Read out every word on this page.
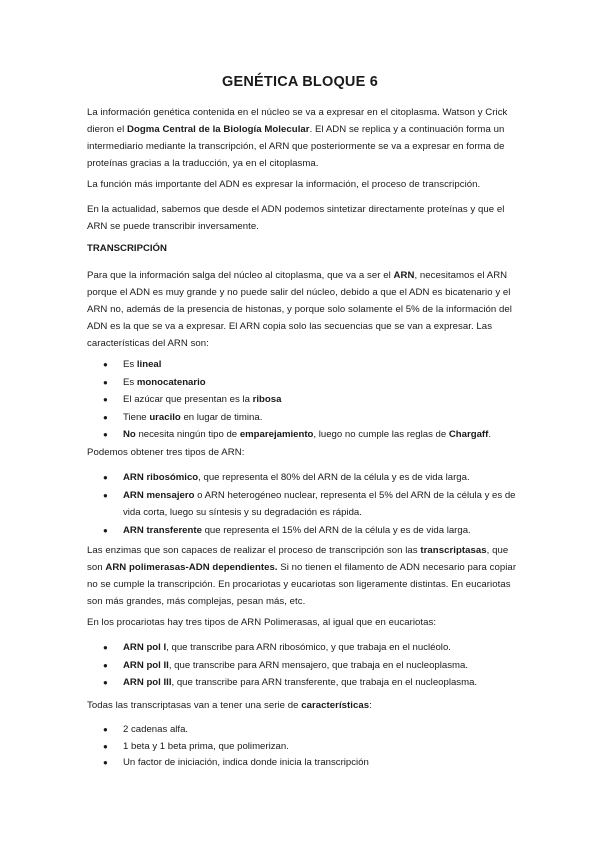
GENÉTICA BLOQUE 6
La información genética contenida en el núcleo se va a expresar en el citoplasma. Watson y Crick dieron el Dogma Central de la Biología Molecular. El ADN se replica y a continuación forma un intermediario mediante la transcripción, el ARN que posteriormente se va a expresar en forma de proteínas gracias a la traducción, ya en el citoplasma.
La función más importante del ADN es expresar la información, el proceso de transcripción.
En la actualidad, sabemos que desde el ADN podemos sintetizar directamente proteínas y que el ARN se puede transcribir inversamente.
TRANSCRIPCIÓN
Para que la información salga del núcleo al citoplasma, que va a ser el ARN, necesitamos el ARN porque el ADN es muy grande y no puede salir del núcleo, debido a que el ADN es bicatenario y el ARN no, además de la presencia de histonas, y porque solo solamente el 5% de la información del ADN es la que se va a expresar. El ARN copia solo las secuencias que se van a expresar. Las características del ARN son:
● Es lineal
● Es monocatenario
● El azúcar que presentan es la ribosa
● Tiene uracilo en lugar de timina.
● No necesita ningún tipo de emparejamiento, luego no cumple las reglas de Chargaff.
Podemos obtener tres tipos de ARN:
● ARN ribosómico, que representa el 80% del ARN de la célula y es de vida larga.
● ARN mensajero o ARN heterogéneo nuclear, representa el 5% del ARN de la célula y es de vida corta, luego su síntesis y su degradación es rápida.
● ARN transferente que representa el 15% del ARN de la célula y es de vida larga.
Las enzimas que son capaces de realizar el proceso de transcripción son las transcriptasas, que son ARN polimerasas-ADN dependientes. Si no tienen el filamento de ADN necesario para copiar no se cumple la transcripción. En procariotas y eucariotas son ligeramente distintas. En eucariotas son más grandes, más complejas, pesan más, etc.
En los procariotas hay tres tipos de ARN Polimerasas, al igual que en eucariotas:
● ARN pol I, que transcribe para ARN ribosómico, y que trabaja en el nucléolo.
● ARN pol II, que transcribe para ARN mensajero, que trabaja en el nucleoplasma.
● ARN pol III, que transcribe para ARN transferente, que trabaja en el nucleoplasma.
Todas las transcriptasas van a tener una serie de características:
● 2 cadenas alfa.
● 1 beta y 1 beta prima, que polimerizan.
● Un factor de iniciación, indica donde inicia la transcripción
